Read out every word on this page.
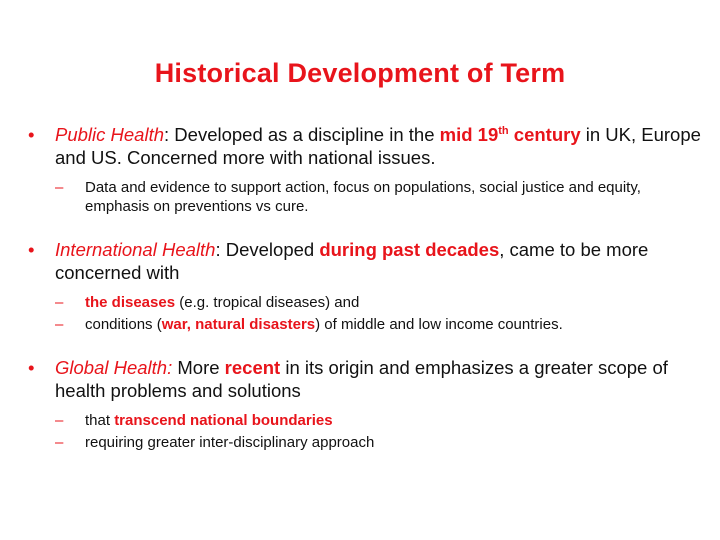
Historical Development of Term
• Public Health: Developed as a discipline in the mid 19th century in UK, Europe and US. Concerned more with national issues.
– Data and evidence to support action, focus on populations, social justice and equity, emphasis on preventions vs cure.
• International Health: Developed during past decades, came to be more concerned with
– the diseases (e.g. tropical diseases) and
– conditions (war, natural disasters) of middle and low income countries.
• Global Health: More recent in its origin and emphasizes a greater scope of health problems and solutions
– that transcend national boundaries
– requiring greater inter-disciplinary approach
